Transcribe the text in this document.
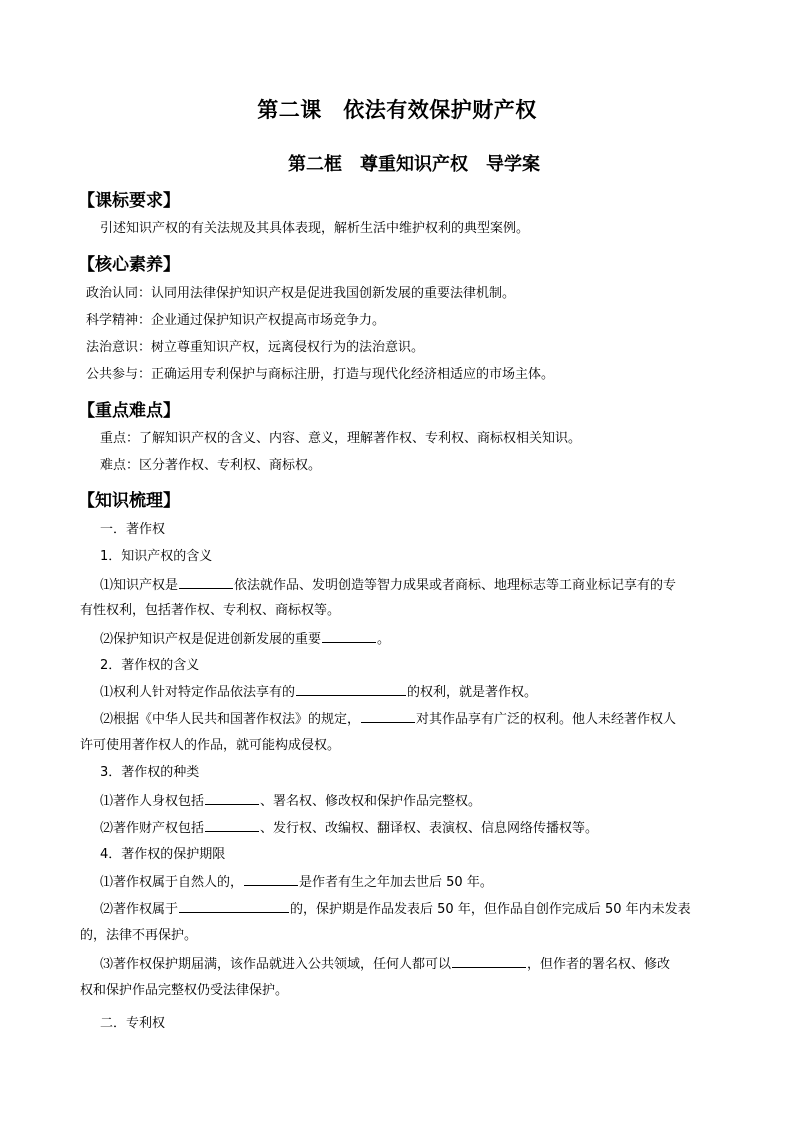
第二课　依法有效保护财产权
第二框　尊重知识产权　导学案
【课标要求】
引述知识产权的有关法规及其具体表现，解析生活中维护权利的典型案例。
【核心素养】
政治认同：认同用法律保护知识产权是促进我国创新发展的重要法律机制。
科学精神：企业通过保护知识产权提高市场竞争力。
法治意识：树立尊重知识产权，远离侵权行为的法治意识。
公共参与：正确运用专利保护与商标注册，打造与现代化经济相适应的市场主体。
【重点难点】
重点：了解知识产权的含义、内容、意义，理解著作权、专利权、商标权相关知识。
难点：区分著作权、专利权、商标权。
【知识梳理】
一．著作权
1．知识产权的含义
⑴知识产权是	依法就作品、发明创造等智力成果或者商标、地理标志等工商业标记享有的专
有性权利，包括著作权、专利权、商标权等。
⑵保护知识产权是促进创新发展的重要	。
2．著作权的含义
⑴权利人针对特定作品依法享有的	的权利，就是著作权。
⑵根据《中华人民共和国著作权法》的规定，	对其作品享有广泛的权利。他人未经著作权人
许可使用著作权人的作品，就可能构成侵权。
3．著作权的种类
⑴著作人身权包括	、署名权、修改权和保护作品完整权。
⑵著作财产权包括	、发行权、改编权、翻译权、表演权、信息网络传播权等。
4．著作权的保护期限
⑴著作权属于自然人的，	是作者有生之年加去世后 50 年。
⑵著作权属于	的，保护期是作品发表后 50 年，但作品自创作完成后 50 年内未发表
的，法律不再保护。
⑶著作权保护期届满，该作品就进入公共领域，任何人都可以	，但作者的署名权、修改
权和保护作品完整权仍受法律保护。
二．专利权
